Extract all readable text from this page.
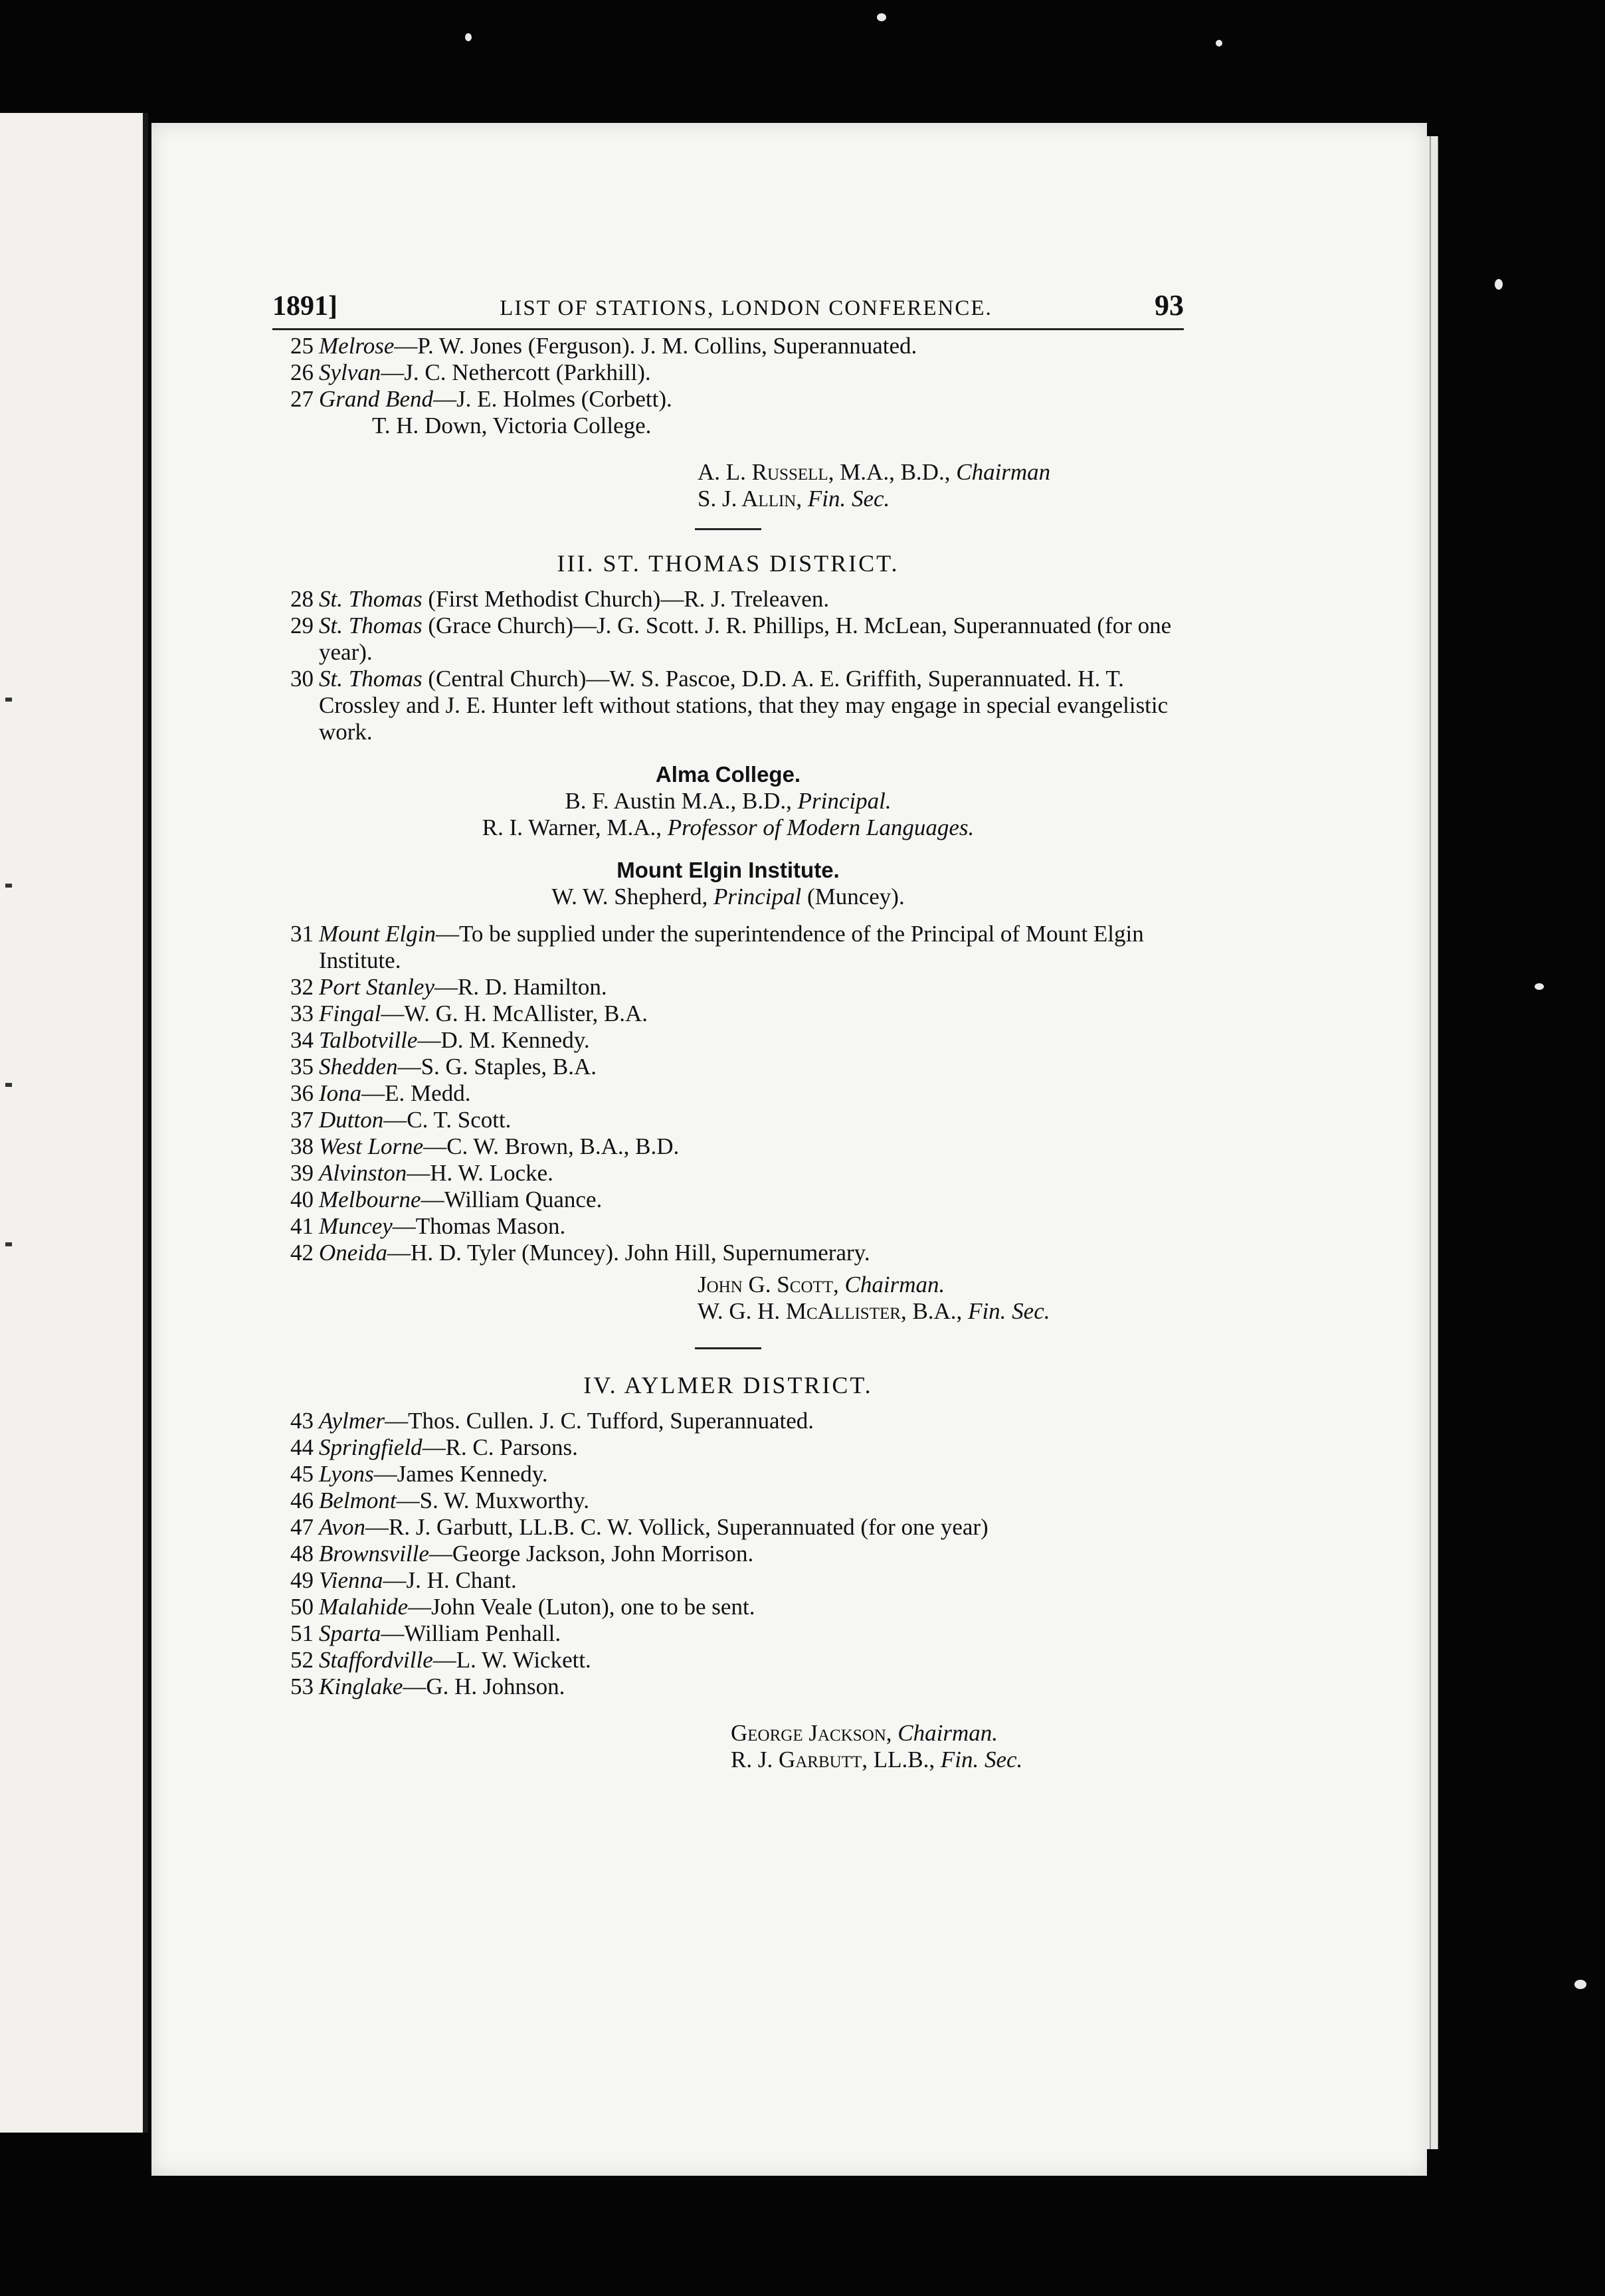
1891]	LIST OF STATIONS, LONDON CONFERENCE.	93
25 Melrose—P. W. Jones (Ferguson). J. M. Collins, Superannuated.
26 Sylvan—J. C. Nethercott (Parkhill).
27 Grand Bend—J. E. Holmes (Corbett).
T. H. Down, Victoria College.
A. L. Russell, M.A., B.D., Chairman
S. J. Allin, Fin. Sec.
III. ST. THOMAS DISTRICT.
28 St. Thomas (First Methodist Church)—R. J. Treleaven.
29 St. Thomas (Grace Church)—J. G. Scott. J. R. Phillips, H. McLean, Superannuated (for one year).
30 St. Thomas (Central Church)—W. S. Pascoe, D.D. A. E. Griffith, Superannuated. H. T. Crossley and J. E. Hunter left without stations, that they may engage in special evangelistic work.
Alma College.
B. F. Austin M.A., B.D., Principal.
R. I. Warner, M.A., Professor of Modern Languages.
Mount Elgin Institute.
W. W. Shepherd, Principal (Muncey).
31 Mount Elgin—To be supplied under the superintendence of the Principal of Mount Elgin Institute.
32 Port Stanley—R. D. Hamilton.
33 Fingal—W. G. H. McAllister, B.A.
34 Talbotville—D. M. Kennedy.
35 Shedden—S. G. Staples, B.A.
36 Iona—E. Medd.
37 Dutton—C. T. Scott.
38 West Lorne—C. W. Brown, B.A., B.D.
39 Alvinston—H. W. Locke.
40 Melbourne—William Quance.
41 Muncey—Thomas Mason.
42 Oneida—H. D. Tyler (Muncey). John Hill, Supernumerary.
John G. Scott, Chairman.
W. G. H. McAllister, B.A., Fin. Sec.
IV. AYLMER DISTRICT.
43 Aylmer—Thos. Cullen. J. C. Tufford, Superannuated.
44 Springfield—R. C. Parsons.
45 Lyons—James Kennedy.
46 Belmont—S. W. Muxworthy.
47 Avon—R. J. Garbutt, LL.B. C. W. Vollick, Superannuated (for one year)
48 Brownsville—George Jackson, John Morrison.
49 Vienna—J. H. Chant.
50 Malahide—John Veale (Luton), one to be sent.
51 Sparta—William Penhall.
52 Staffordville—L. W. Wickett.
53 Kinglake—G. H. Johnson.
George Jackson, Chairman.
R. J. Garbutt, LL.B., Fin. Sec.
